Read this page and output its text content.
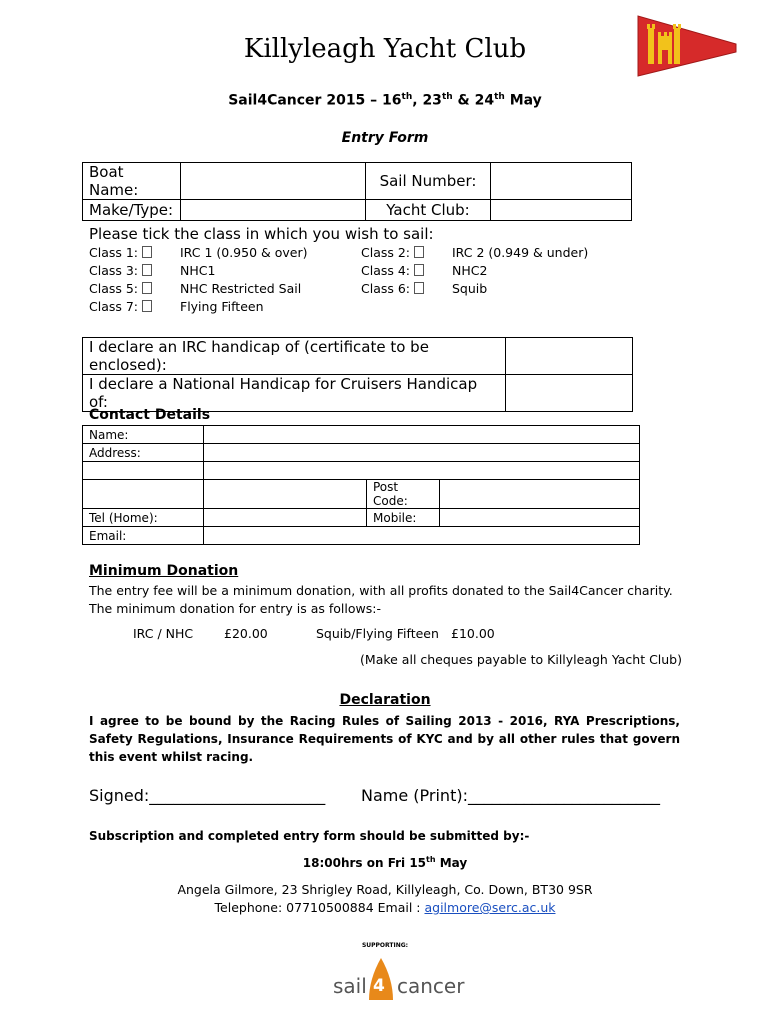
Killyleagh Yacht Club
Sail4Cancer 2015 – 16th, 23th & 24th May
Entry Form
Boat Name:		Sail Number:	
Make/Type:		Yacht Club:	
Please tick the class in which you wish to sail:
Class 1:	IRC 1 (0.950 & over)	Class 2:	IRC 2 (0.949 & under)
Class 3:	NHC1	Class 4:	NHC2
Class 5:	NHC Restricted Sail	Class 6:	Squib
Class 7:	Flying Fifteen
I declare an IRC handicap of (certificate to be enclosed):	
I declare a National Handicap for Cruisers Handicap of:	
Contact Details
Name:			
Address:			

		Post Code:	
Tel (Home):		Mobile:	
Email:			
Minimum Donation
The entry fee will be a minimum donation, with all profits donated to the Sail4Cancer charity. The minimum donation for entry is as follows:-
IRC / NHC £20.00	Squib/Flying Fifteen £10.00
(Make all cheques payable to Killyleagh Yacht Club)
Declaration
I agree to be bound by the Racing Rules of Sailing 2013 - 2016, RYA Prescriptions, Safety Regulations, Insurance Requirements of KYC and by all other rules that govern this event whilst racing.
Signed:______________________ Name (Print):________________________
Subscription and completed entry form should be submitted by:-
18:00hrs on Fri 15th May
Angela Gilmore, 23 Shrigley Road, Killyleagh, Co. Down, BT30 9SR
Telephone: 07710500884 Email : agilmore@serc.ac.uk
SUPPORTING:
sail 4 cancer
